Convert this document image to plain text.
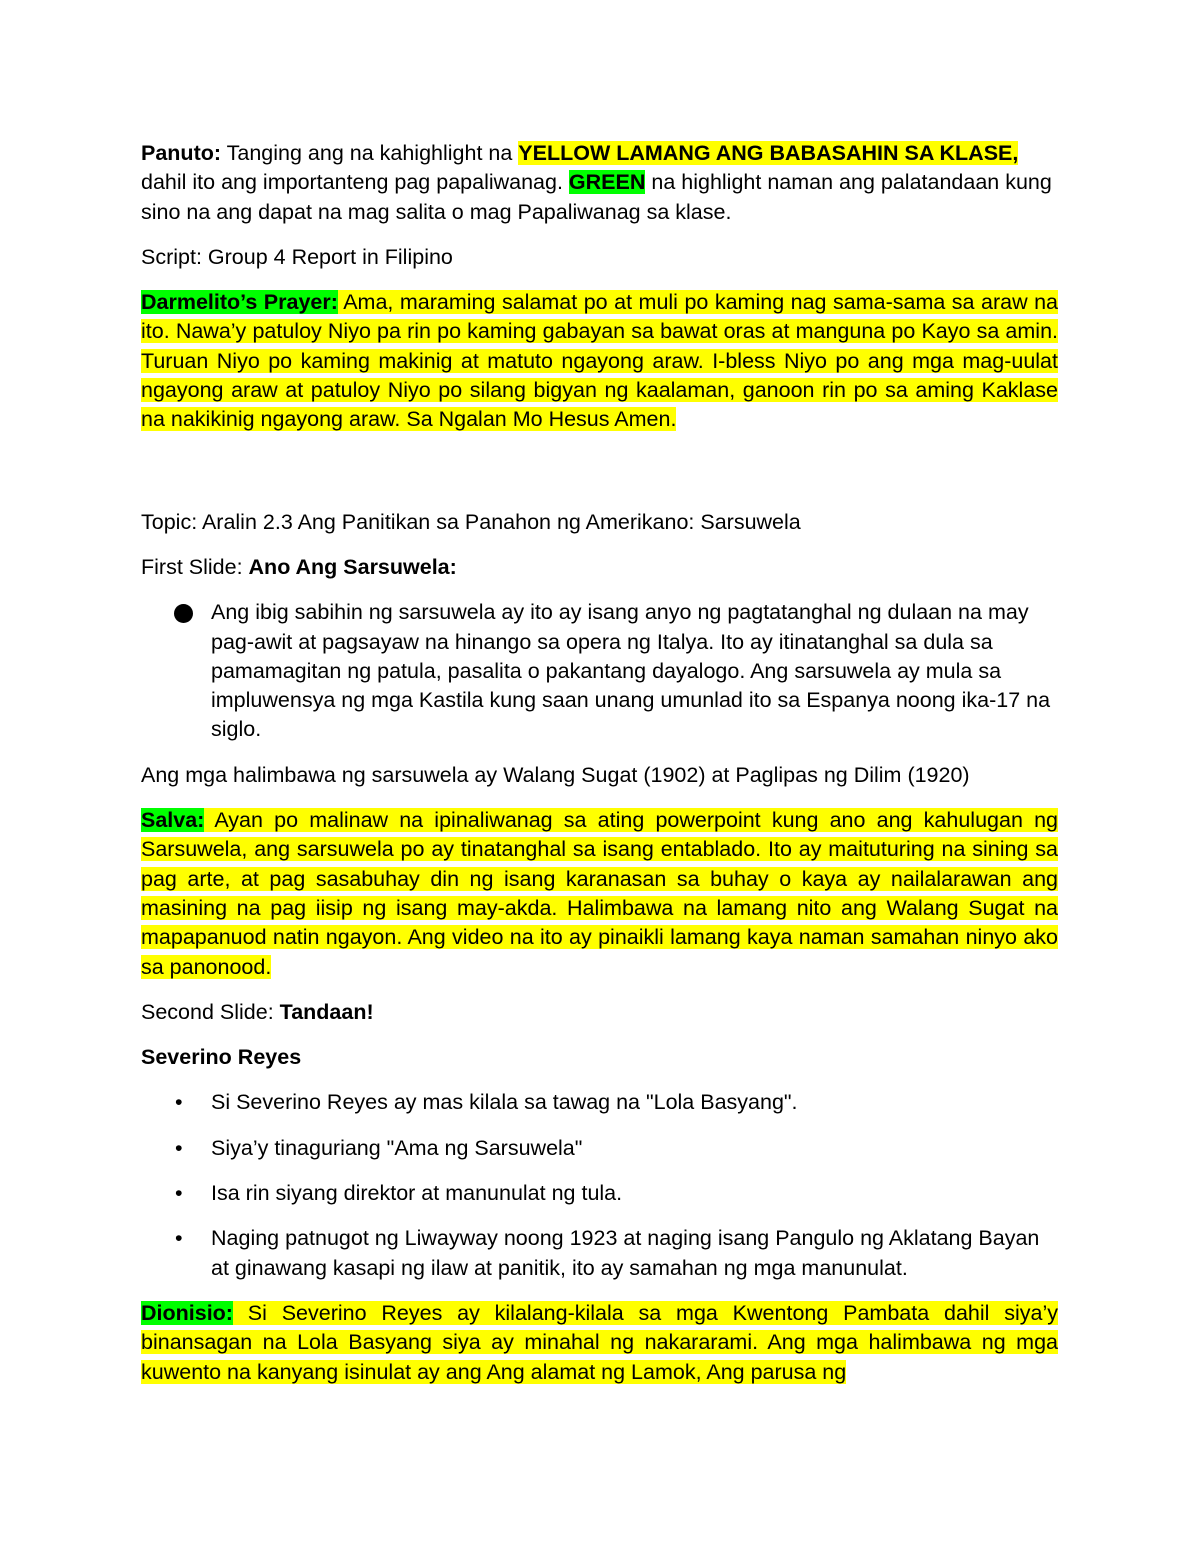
Panuto: Tanging ang na kahighlight na YELLOW LAMANG ANG BABASAHIN SA KLASE, dahil ito ang importanteng pag papaliwanag. GREEN na highlight naman ang palatandaan kung sino na ang dapat na mag salita o mag Papaliwanag sa klase.

Script: Group 4 Report in Filipino

Darmelito’s Prayer: Ama, maraming salamat po at muli po kaming nag sama-sama sa araw na ito. Nawa’y patuloy Niyo pa rin po kaming gabayan sa bawat oras at manguna po Kayo sa amin. Turuan Niyo po kaming makinig at matuto ngayong araw. I-bless Niyo po ang mga mag-uulat ngayong araw at patuloy Niyo po silang bigyan ng kaalaman, ganoon rin po sa aming Kaklase na nakikinig ngayong araw. Sa Ngalan Mo Hesus Amen.

Topic: Aralin 2.3 Ang Panitikan sa Panahon ng Amerikano: Sarsuwela

First Slide: Ano Ang Sarsuwela:

Ang ibig sabihin ng sarsuwela ay ito ay isang anyo ng pagtatanghal ng dulaan na may pag-awit at pagsayaw na hinango sa opera ng Italya. Ito ay itinatanghal sa dula sa pamamagitan ng patula, pasalita o pakantang dayalogo. Ang sarsuwela ay mula sa impluwensya ng mga Kastila kung saan unang umunlad ito sa Espanya noong ika-17 na siglo.

Ang mga halimbawa ng sarsuwela ay Walang Sugat (1902) at Paglipas ng Dilim (1920)

Salva: Ayan po malinaw na ipinaliwanag sa ating powerpoint kung ano ang kahulugan ng Sarsuwela, ang sarsuwela po ay tinatanghal sa isang entablado. Ito ay maituturing na sining sa pag arte, at pag sasabuhay din ng isang karanasan sa buhay o kaya ay nailalarawan ang masining na pag iisip ng isang may-akda. Halimbawa na lamang nito ang Walang Sugat na mapapanuod natin ngayon. Ang video na ito ay pinaikli lamang kaya naman samahan ninyo ako sa panonood.

Second Slide: Tandaan!

Severino Reyes

•	Si Severino Reyes ay mas kilala sa tawag na "Lola Basyang".
•	Siya’y tinaguriang "Ama ng Sarsuwela"
•	Isa rin siyang direktor at manunulat ng tula.
•	Naging patnugot ng Liwayway noong 1923 at naging isang Pangulo ng Aklatang Bayan at ginawang kasapi ng ilaw at panitik, ito ay samahan ng mga manunulat.

Dionisio: Si Severino Reyes ay kilalang-kilala sa mga Kwentong Pambata dahil siya’y binansagan na Lola Basyang siya ay minahal ng nakararami. Ang mga halimbawa ng mga kuwento na kanyang isinulat ay ang Ang alamat ng Lamok, Ang parusa ng
